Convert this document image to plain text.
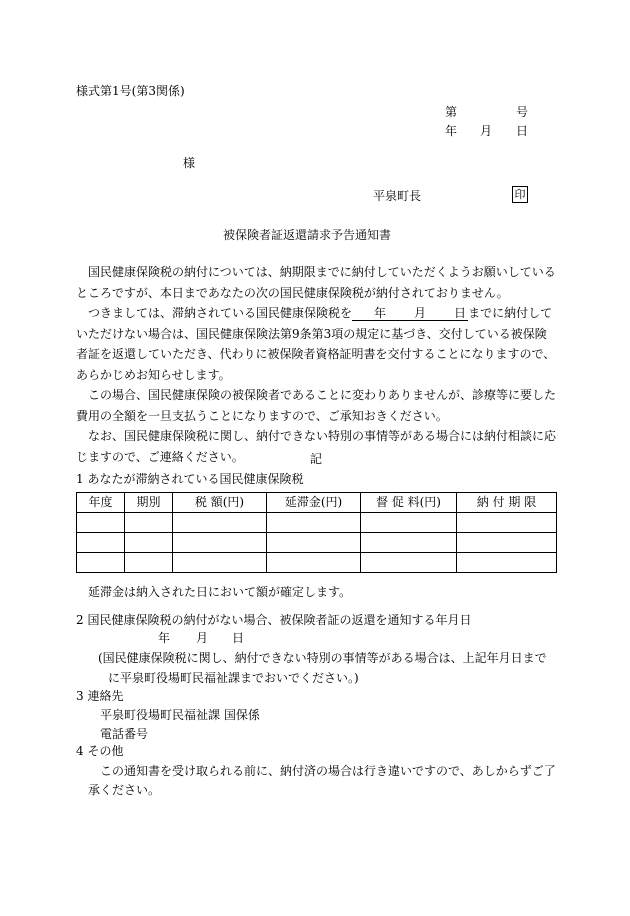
様式第1号(第3関係)
第	号
年 月 日
様
平泉町長	印
被保険者証返還請求予告通知書

国民健康保険税の納付については、納期限までに納付していただくようお願いしているところですが、本日まであなたの次の国民健康保険税が納付されておりません。

つきましては、滞納されている国民健康保険税を 年 月 日 までに納付していただけない場合は、国民健康保険法第9条第3項の規定に基づき、交付している被保険者証を返還していただき、代わりに被保険者資格証明書を交付することになりますので、あらかじめお知らせします。

この場合、国民健康保険の被保険者であることに変わりありませんが、診療等に要した費用の全額を一旦支払うことになりますので、ご承知おきください。

なお、国民健康保険税に関し、納付できない特別の事情等がある場合には納付相談に応じますので、ご連絡ください。	記
1 あなたが滞納されている国民健康保険税
年度	期別	税 額(円)	延滞金(円)	督 促 料(円)	納 付 期 限

延滞金は納入された日において額が確定します。
2 国民健康保険税の納付がない場合、被保険者証の返還を通知する年月日
年 月 日
(国民健康保険税に関し、納付できない特別の事情等がある場合は、上記年月日まで
に平泉町役場町民福祉課までおいでください。)
3 連絡先
平泉町役場町民福祉課 国保係
電話番号
4 その他
この通知書を受け取られる前に、納付済の場合は行き違いですので、あしからずご了
承ください。
